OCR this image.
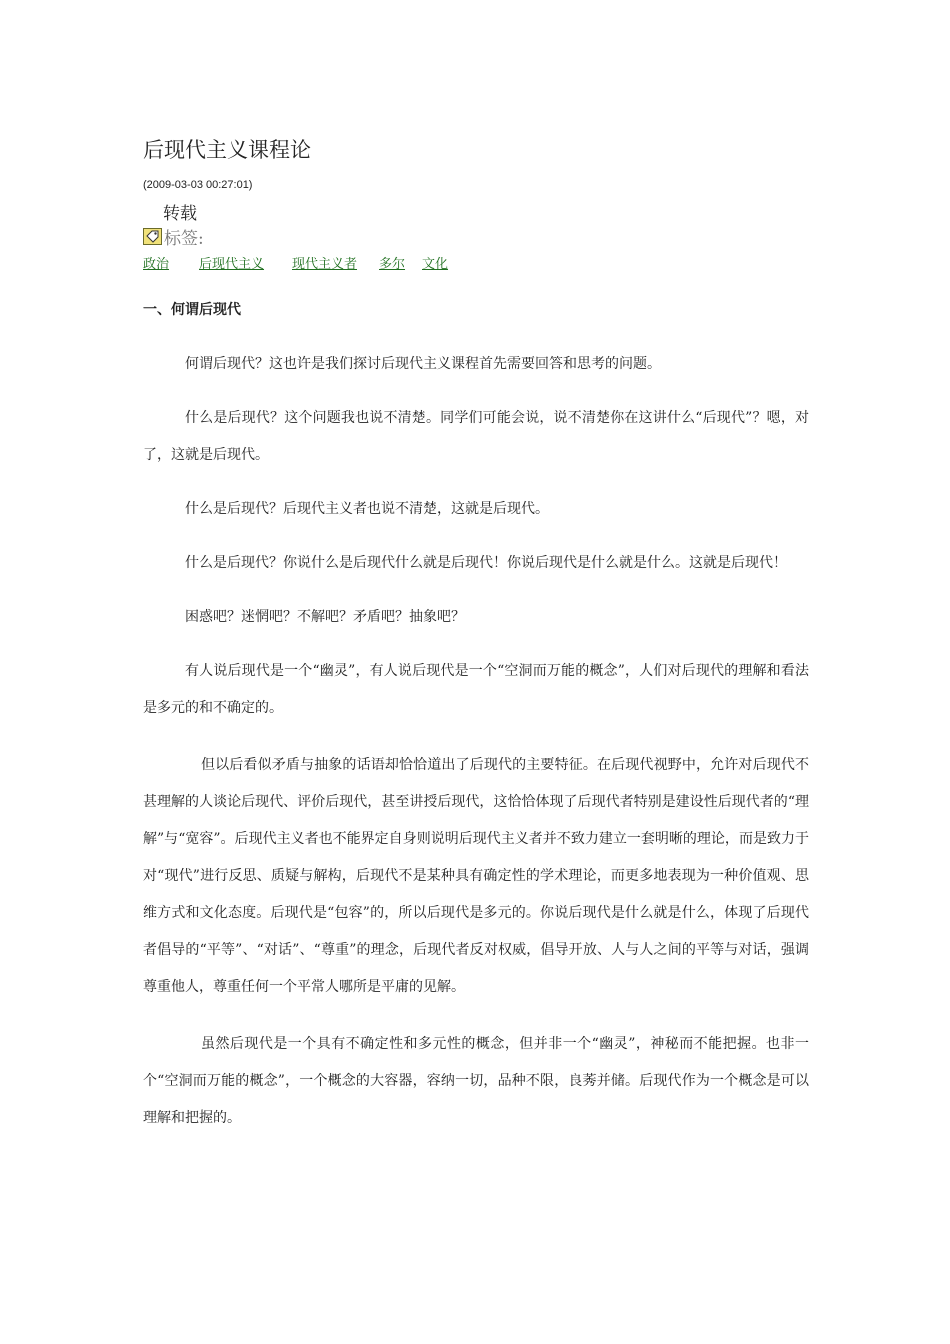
后现代主义课程论
(2009-03-03 00:27:01)
转载
标签:
政治 后现代主义 现代主义者 多尔 文化
一、何谓后现代

何谓后现代？这也许是我们探讨后现代主义课程首先需要回答和思考的问题。

什么是后现代？这个问题我也说不清楚。同学们可能会说，说不清楚你在这讲什么“后现代”？嗯，对了，这就是后现代。

什么是后现代？后现代主义者也说不清楚，这就是后现代。

什么是后现代？你说什么是后现代什么就是后现代！你说后现代是什么就是什么。这就是后现代！

困惑吧？迷惘吧？不解吧？矛盾吧？抽象吧？

有人说后现代是一个“幽灵”，有人说后现代是一个“空洞而万能的概念”，人们对后现代的理解和看法是多元的和不确定的。

但以后看似矛盾与抽象的话语却恰恰道出了后现代的主要特征。在后现代视野中，允许对后现代不甚理解的人谈论后现代、评价后现代，甚至讲授后现代，这恰恰体现了后现代者特别是建设性后现代者的“理解”与“宽容”。后现代主义者也不能界定自身则说明后现代主义者并不致力建立一套明晰的理论，而是致力于对“现代”进行反思、质疑与解构，后现代不是某种具有确定性的学术理论，而更多地表现为一种价值观、思维方式和文化态度。后现代是“包容”的，所以后现代是多元的。你说后现代是什么就是什么，体现了后现代者倡导的“平等”、“对话”、“尊重”的理念，后现代者反对权威，倡导开放、人与人之间的平等与对话，强调尊重他人，尊重任何一个平常人哪所是平庸的见解。

虽然后现代是一个具有不确定性和多元性的概念，但并非一个“幽灵”，神秘而不能把握。也非一个“空洞而万能的概念”，一个概念的大容器，容纳一切，品种不限，良莠并储。后现代作为一个概念是可以理解和把握的。
